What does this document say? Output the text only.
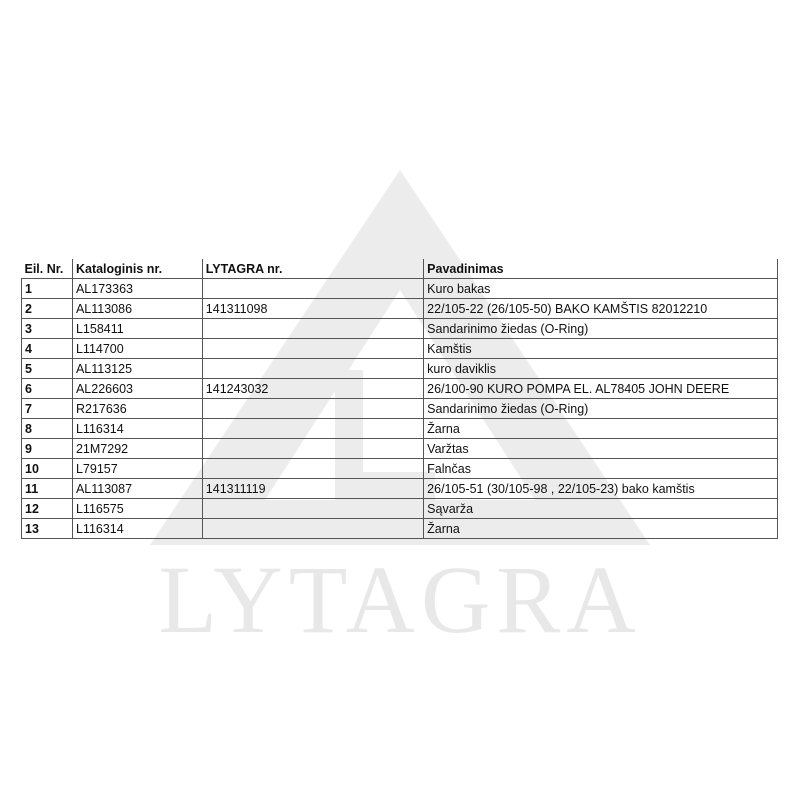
LYTAGRA
Eil. Nr.	Kataloginis nr.	LYTAGRA nr.	Pavadinimas
1	AL173363		Kuro bakas
2	AL113086	141311098	22/105-22 (26/105-50) BAKO KAMŠTIS 82012210
3	L158411		Sandarinimo žiedas (O-Ring)
4	L114700		Kamštis
5	AL113125		kuro daviklis
6	AL226603	141243032	26/100-90 KURO POMPA EL. AL78405 JOHN DEERE
7	R217636		Sandarinimo žiedas (O-Ring)
8	L116314		Žarna
9	21M7292		Varžtas
10	L79157		Falnčas
11	AL113087	141311119	26/105-51 (30/105-98 , 22/105-23) bako kamštis
12	L116575		Sąvarža
13	L116314		Žarna
